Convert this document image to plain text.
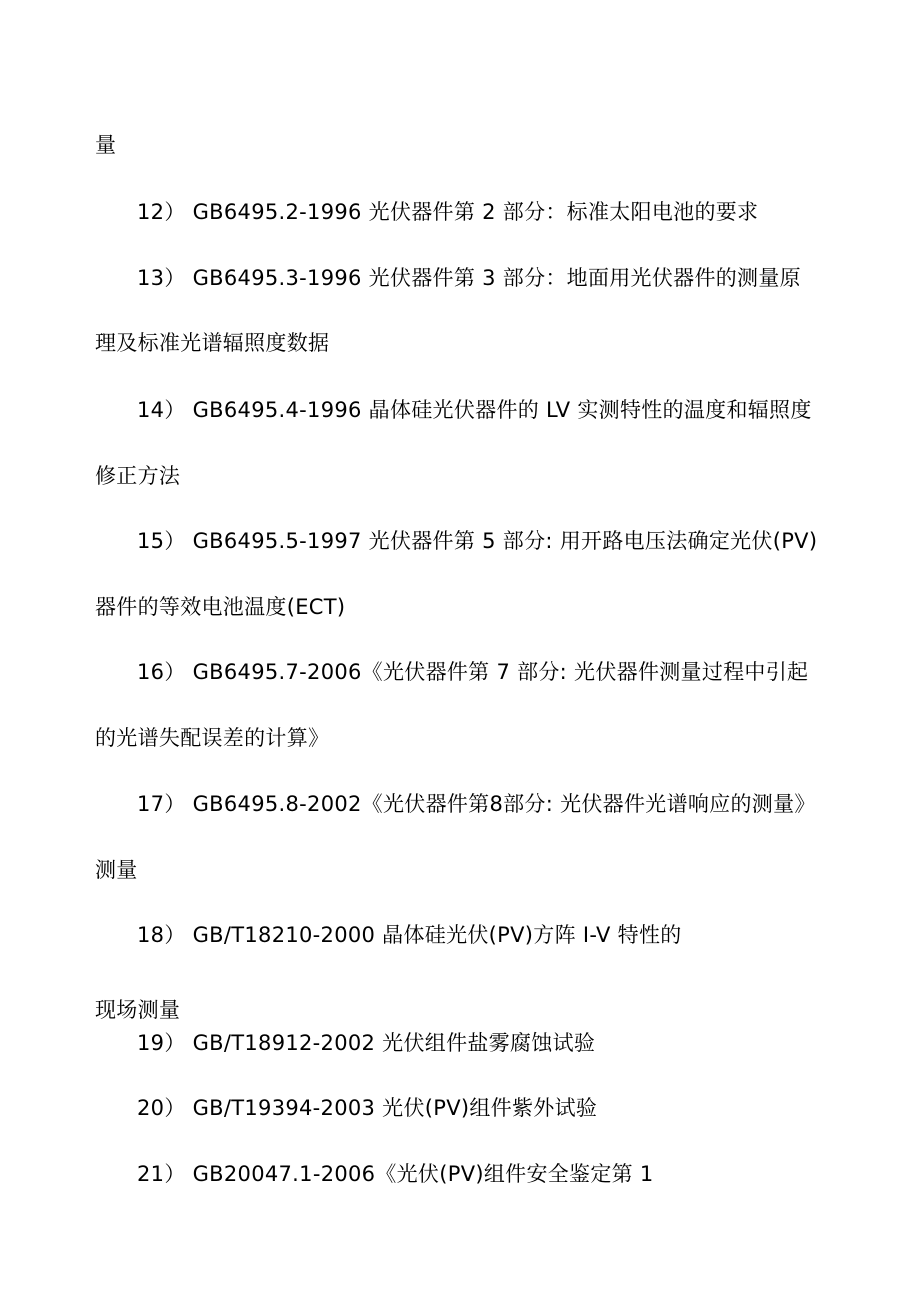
量
12） GB6495.2-1996 光伏器件第 2 部分：标准太阳电池的要求
13） GB6495.3-1996 光伏器件第 3 部分：地面用光伏器件的测量原
理及标准光谱辐照度数据
14） GB6495.4-1996 晶体硅光伏器件的 LV 实测特性的温度和辐照度
修正方法
15） GB6495.5-1997 光伏器件第 5 部分: 用开路电压法确定光伏(PV)
器件的等效电池温度(ECT)
16） GB6495.7-2006《光伏器件第 7 部分: 光伏器件测量过程中引起
的光谱失配误差的计算》
17） GB6495.8-2002《光伏器件第8部分: 光伏器件光谱响应的测量》
测量
18） GB/T18210-2000 晶体硅光伏(PV)方阵 I-V 特性的
现场测量
19） GB/T18912-2002 光伏组件盐雾腐蚀试验
20） GB/T19394-2003 光伏(PV)组件紫外试验
21） GB20047.1-2006《光伏(PV)组件安全鉴定第 1
